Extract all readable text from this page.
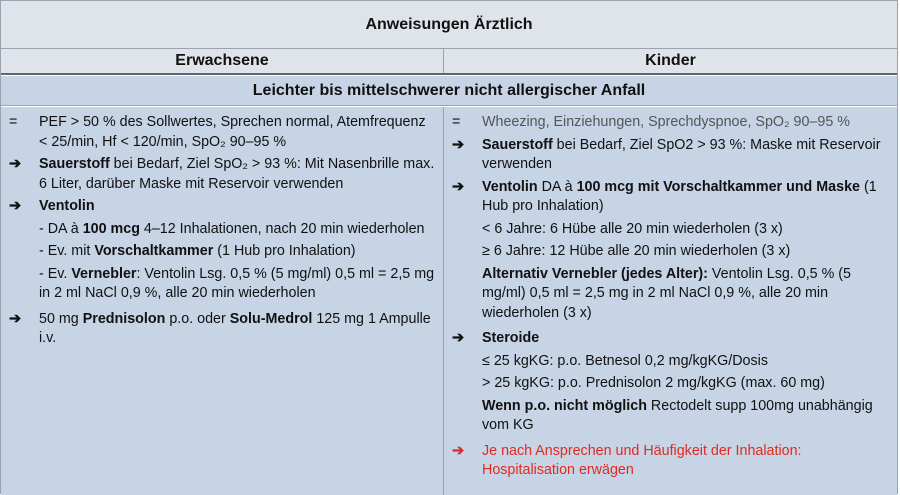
Anweisungen Ärztlich
Erwachsene	Kinder
Leichter bis mittelschwerer nicht allergischer Anfall
=	PEF > 50 % des Sollwertes, Sprechen normal, Atemfrequenz < 25/min, Hf < 120/min, SpO₂ 90–95 %
➔	Sauerstoff bei Bedarf, Ziel SpO₂ > 93 %: Mit Nasenbrille max. 6 Liter, darüber Maske mit Reservoir verwenden
➔	Ventolin
- DA à 100 mcg 4–12 Inhalationen, nach 20 min wiederholen
- Ev. mit Vorschaltkammer (1 Hub pro Inhalation)
- Ev. Vernebler: Ventolin Lsg. 0,5 % (5 mg/ml) 0,5 ml = 2,5 mg in 2 ml NaCl 0,9 %, alle 20 min wiederholen
➔	50 mg Prednisolon p.o. oder Solu-Medrol 125 mg 1 Ampulle i.v.
=	Wheezing, Einziehungen, Sprechdyspnoe, SpO₂ 90–95 %
➔	Sauerstoff bei Bedarf, Ziel SpO2 > 93 %: Maske mit Reservoir verwenden
➔	Ventolin DA à 100 mcg mit Vorschaltkammer und Maske (1 Hub pro Inhalation)
< 6 Jahre: 6 Hübe alle 20 min wiederholen (3 x)
≥ 6 Jahre: 12 Hübe alle 20 min wiederholen (3 x)
Alternativ Vernebler (jedes Alter): Ventolin Lsg. 0,5 % (5 mg/ml) 0,5 ml = 2,5 mg in 2 ml NaCl 0,9 %, alle 20 min wiederholen (3 x)
➔	Steroide
≤ 25 kgKG: p.o. Betnesol 0,2 mg/kgKG/Dosis
> 25 kgKG: p.o. Prednisolon 2 mg/kgKG (max. 60 mg)
Wenn p.o. nicht möglich Rectodelt supp 100mg unabhängig vom KG
➔	Je nach Ansprechen und Häufigkeit der Inhalation: Hospitalisation erwägen
